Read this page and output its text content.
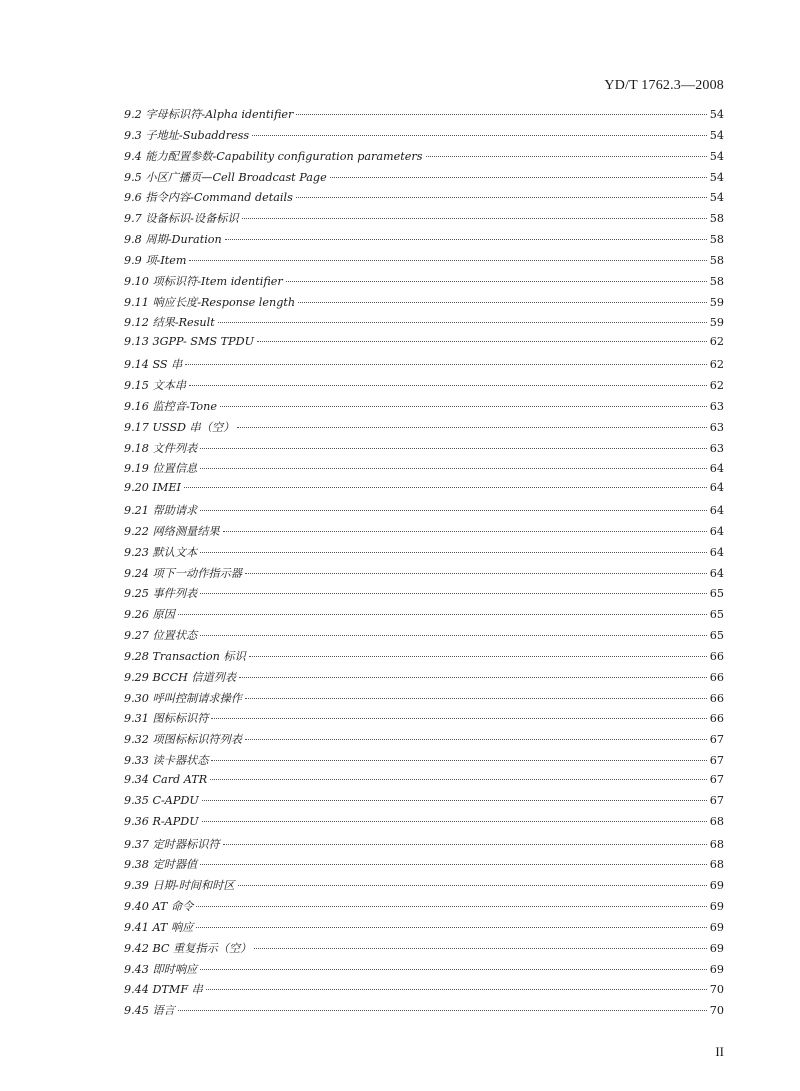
YD/T 1762.3—2008
9.2 字母标识符-Alpha identifier	54
9.3 子地址-Subaddress	54
9.4 能力配置参数-Capability configuration parameters	54
9.5 小区广播页—Cell Broadcast Page	54
9.6 指令内容-Command details	54
9.7 设备标识-设备标识	58
9.8 周期-Duration	58
9.9 项-Item	58
9.10 项标识符-Item identifier	58
9.11 响应长度-Response length	59
9.12 结果-Result	59
9.13 3GPP- SMS TPDU	62
9.14 SS 串	62
9.15 文本串	62
9.16 监控音-Tone	63
9.17 USSD 串（空）	63
9.18 文件列表	63
9.19 位置信息	64
9.20 IMEI	64
9.21 帮助请求	64
9.22 网络测量结果	64
9.23 默认文本	64
9.24 项下一动作指示器	64
9.25 事件列表	65
9.26 原因	65
9.27 位置状态	65
9.28 Transaction 标识	66
9.29 BCCH 信道列表	66
9.30 呼叫控制请求操作	66
9.31 图标标识符	66
9.32 项图标标识符列表	67
9.33 读卡器状态	67
9.34 Card ATR	67
9.35 C-APDU	67
9.36 R-APDU	68
9.37 定时器标识符	68
9.38 定时器值	68
9.39 日期-时间和时区	69
9.40 AT 命令	69
9.41 AT 响应	69
9.42 BC 重复指示（空）	69
9.43 即时响应	69
9.44 DTMF 串	70
9.45 语言	70
II
